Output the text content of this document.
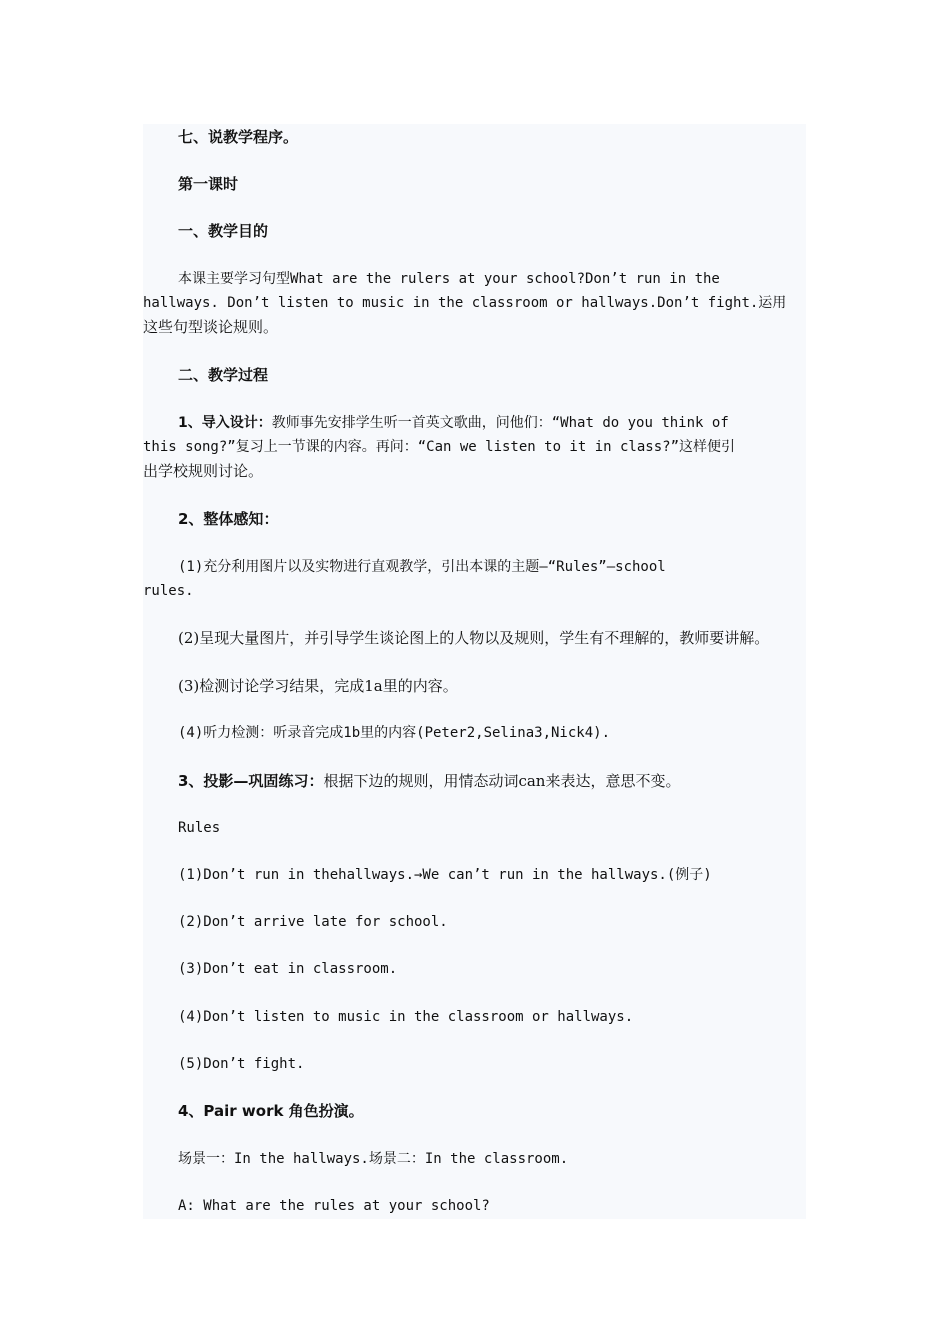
七、说教学程序。
第一课时
一、教学目的
本课主要学习句型What are the rulers at your school?Don’t run in the
hallways. Don’t listen to music in the classroom or hallways.Don’t fight.运用
这些句型谈论规则。
二、教学过程
1、导入设计：教师事先安排学生听一首英文歌曲，问他们：“What do you think of
this song?”复习上一节课的内容。再问：“Can we listen to it in class?”这样便引
出学校规则讨论。
2、整体感知：
(1)充分利用图片以及实物进行直观教学，引出本课的主题—“Rules”—school
rules.
(2)呈现大量图片，并引导学生谈论图上的人物以及规则，学生有不理解的，教师要讲解。
(3)检测讨论学习结果，完成1a里的内容。
(4)听力检测：听录音完成1b里的内容(Peter2,Selina3,Nick4).
3、投影—巩固练习：根据下边的规则，用情态动词can来表达，意思不变。
Rules
(1)Don’t run in thehallways.→We can’t run in the hallways.(例子)
(2)Don’t arrive late for school.
(3)Don’t eat in classroom.
(4)Don’t listen to music in the classroom or hallways.
(5)Don’t fight.
4、Pair work 角色扮演。
场景一：In the hallways.场景二：In the classroom.
A: What are the rules at your school?
